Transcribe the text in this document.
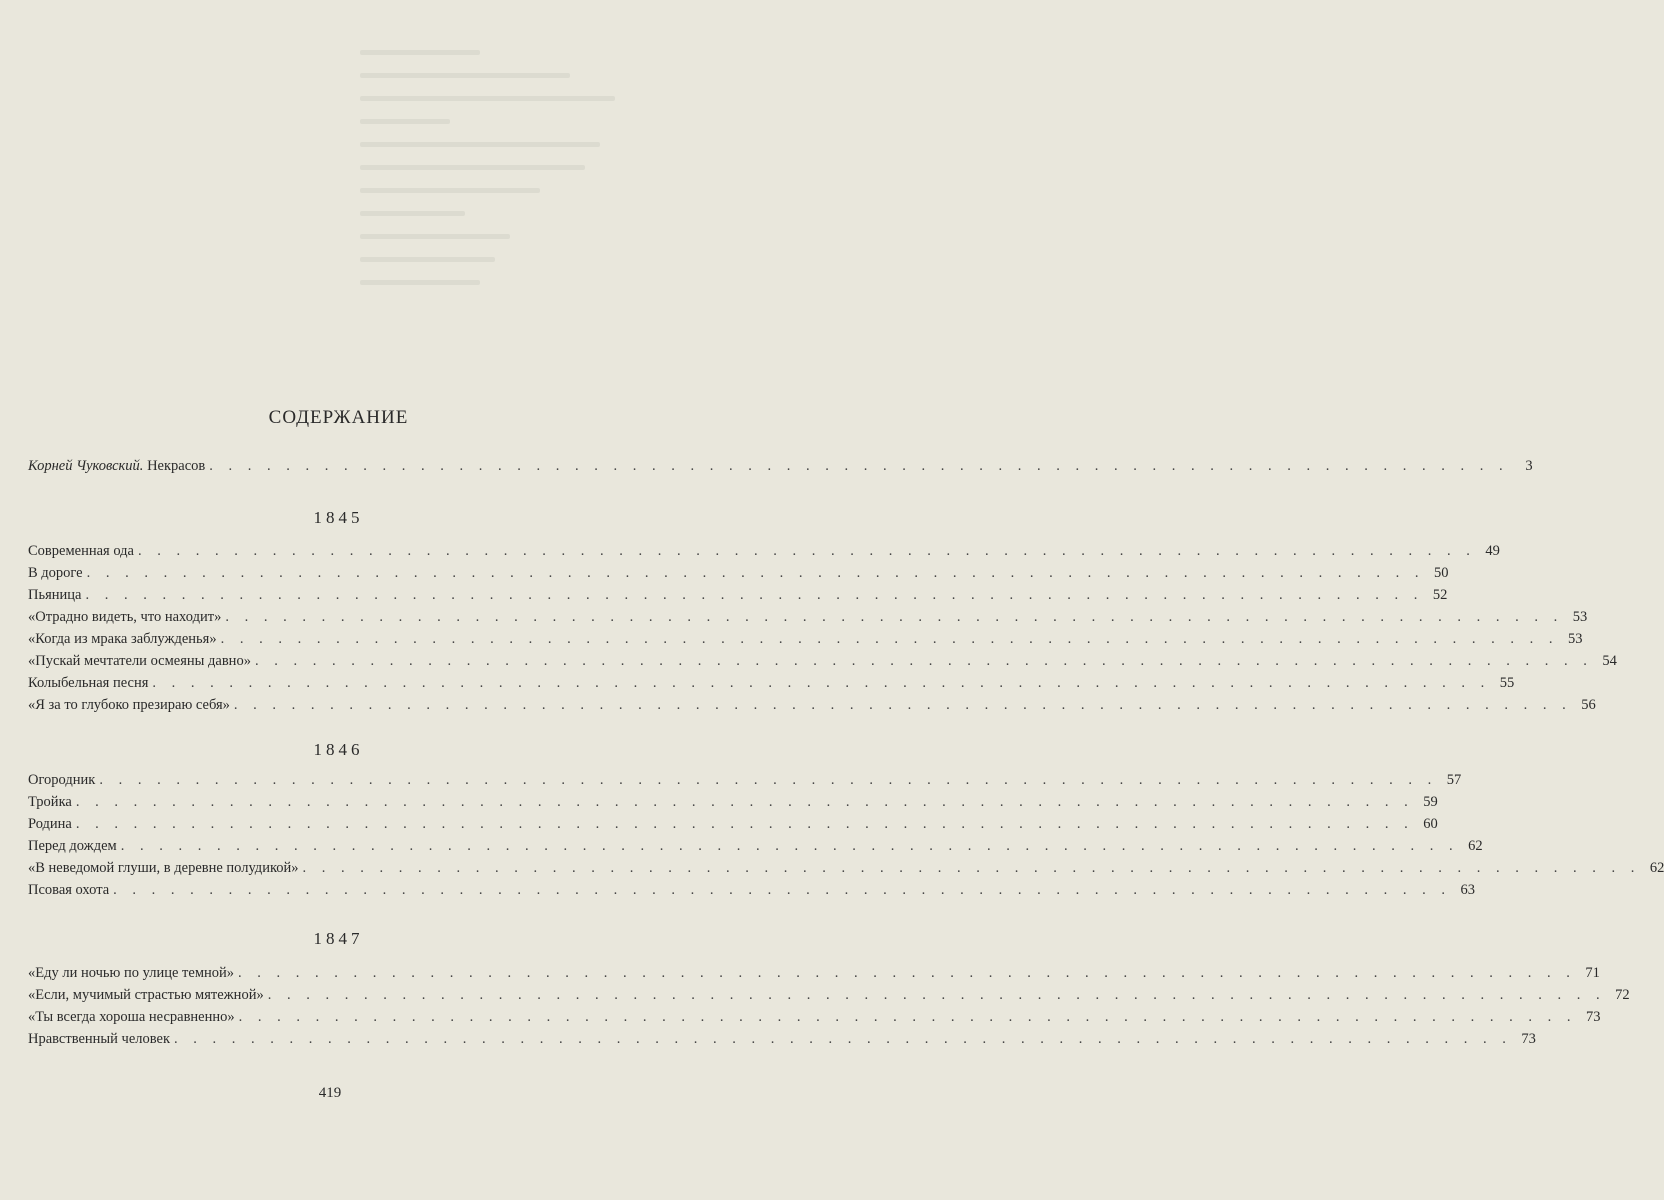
СОДЕРЖАНИЕ
Корней Чуковский. Некрасов . . . . . . . . . . . . . . . . . . . . . . . . . . . . . . . . . . . . . . . . . . . . . . . . . . . . . . . . . . . . . . . . . . . .	3
1845
Современная ода . . . . . . . . . . . . . . . . . . . . . . . . . . . . . . . . . . . . . . . . . . . . . . . . . . . . . . . . . . . . . . . . . . . . . . 49
В дороге . . . . . . . . . . . . . . . . . . . . . . . . . . . . . . . . . . . . . . . . . . . . . . . . . . . . . . . . . . . . . . . . . . . . . . 50
Пьяница . . . . . . . . . . . . . . . . . . . . . . . . . . . . . . . . . . . . . . . . . . . . . . . . . . . . . . . . . . . . . . . . . . . . . . 52
«Отрадно видеть, что находит» . . . . . . . . . . . . . . . . . . . . . . . . . . . . . . . . . . . . . . . . . . . . . . . . . . . . . . . . . . . . . . . . . . . . . . 53
«Когда из мрака заблужденья» . . . . . . . . . . . . . . . . . . . . . . . . . . . . . . . . . . . . . . . . . . . . . . . . . . . . . . . . . . . . . . . . . . . . . . 53
«Пускай мечтатели осмеяны давно» . . . . . . . . . . . . . . . . . . . . . . . . . . . . . . . . . . . . . . . . . . . . . . . . . . . . . . . . . . . . . . . . . . . . . . 54
Колыбельная песня . . . . . . . . . . . . . . . . . . . . . . . . . . . . . . . . . . . . . . . . . . . . . . . . . . . . . . . . . . . . . . . . . . . . . . 55
«Я за то глубоко презираю себя» . . . . . . . . . . . . . . . . . . . . . . . . . . . . . . . . . . . . . . . . . . . . . . . . . . . . . . . . . . . . . . . . . . . . . . 56
1846
Огородник . . . . . . . . . . . . . . . . . . . . . . . . . . . . . . . . . . . . . . . . . . . . . . . . . . . . . . . . . . . . . . . . . . . . . . 57
Тройка . . . . . . . . . . . . . . . . . . . . . . . . . . . . . . . . . . . . . . . . . . . . . . . . . . . . . . . . . . . . . . . . . . . . . . 59
Родина . . . . . . . . . . . . . . . . . . . . . . . . . . . . . . . . . . . . . . . . . . . . . . . . . . . . . . . . . . . . . . . . . . . . . . 60
Перед дождем . . . . . . . . . . . . . . . . . . . . . . . . . . . . . . . . . . . . . . . . . . . . . . . . . . . . . . . . . . . . . . . . . . . . . . 62
«В неведомой глуши, в деревне полудикой» . . . . . . . . . . . . . . . . . . . . . . . . . . . . . . . . . . . . . . . . . . . . . . . . . . . . . . . . . . . . . . . . . . . . . . 62
Псовая охота . . . . . . . . . . . . . . . . . . . . . . . . . . . . . . . . . . . . . . . . . . . . . . . . . . . . . . . . . . . . . . . . . . . . . . 63
1847
«Еду ли ночью по улице темной» . . . . . . . . . . . . . . . . . . . . . . . . . . . . . . . . . . . . . . . . . . . . . . . . . . . . . . . . . . . . . . . . . . . . . . 71
«Если, мучимый страстью мятежной» . . . . . . . . . . . . . . . . . . . . . . . . . . . . . . . . . . . . . . . . . . . . . . . . . . . . . . . . . . . . . . . . . . . . . . 72
«Ты всегда хороша несравненно» . . . . . . . . . . . . . . . . . . . . . . . . . . . . . . . . . . . . . . . . . . . . . . . . . . . . . . . . . . . . . . . . . . . . . . 73
Нравственный человек . . . . . . . . . . . . . . . . . . . . . . . . . . . . . . . . . . . . . . . . . . . . . . . . . . . . . . . . . . . . . . . . . . . . . . 73
419
